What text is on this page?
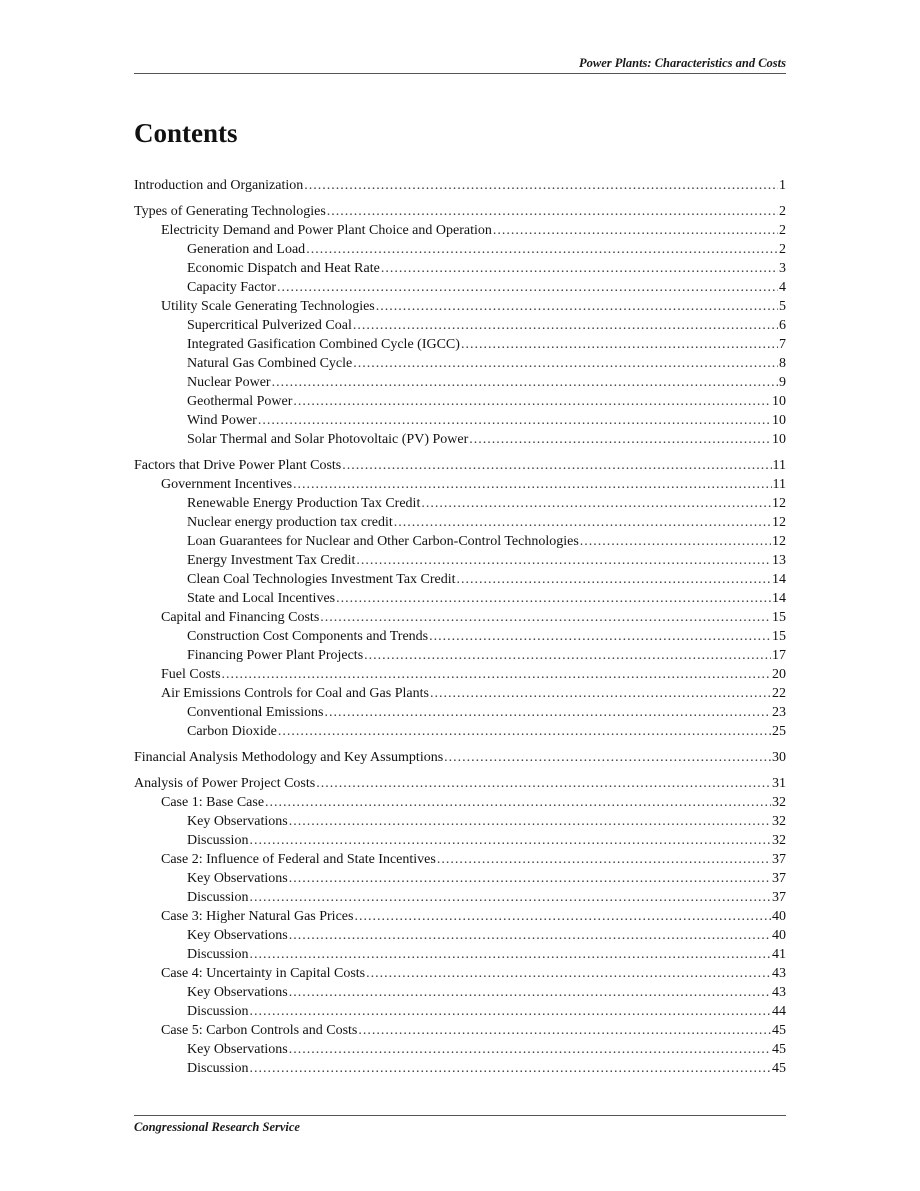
Power Plants: Characteristics and Costs
Contents
Introduction and Organization .....	1
Types of Generating Technologies .....	2
Electricity Demand and Power Plant Choice and Operation .....	2
Generation and Load .....	2
Economic Dispatch and Heat Rate .....	3
Capacity Factor .....	4
Utility Scale Generating Technologies .....	5
Supercritical Pulverized Coal .....	6
Integrated Gasification Combined Cycle (IGCC) .....	7
Natural Gas Combined Cycle .....	8
Nuclear Power .....	9
Geothermal Power .....	10
Wind Power .....	10
Solar Thermal and Solar Photovoltaic (PV) Power .....	10
Factors that Drive Power Plant Costs .....	11
Government Incentives .....	11
Renewable Energy Production Tax Credit .....	12
Nuclear energy production tax credit .....	12
Loan Guarantees for Nuclear and Other Carbon-Control Technologies .....	12
Energy Investment Tax Credit .....	13
Clean Coal Technologies Investment Tax Credit .....	14
State and Local Incentives .....	14
Capital and Financing Costs .....	15
Construction Cost Components and Trends .....	15
Financing Power Plant Projects .....	17
Fuel Costs .....	20
Air Emissions Controls for Coal and Gas Plants .....	22
Conventional Emissions .....	23
Carbon Dioxide .....	25
Financial Analysis Methodology and Key Assumptions .....	30
Analysis of Power Project Costs .....	31
Case 1: Base Case .....	32
Key Observations .....	32
Discussion .....	32
Case 2: Influence of Federal and State Incentives .....	37
Key Observations .....	37
Discussion .....	37
Case 3: Higher Natural Gas Prices .....	40
Key Observations .....	40
Discussion .....	41
Case 4: Uncertainty in Capital Costs .....	43
Key Observations .....	43
Discussion .....	44
Case 5: Carbon Controls and Costs .....	45
Key Observations .....	45
Discussion .....	45
Congressional Research Service
